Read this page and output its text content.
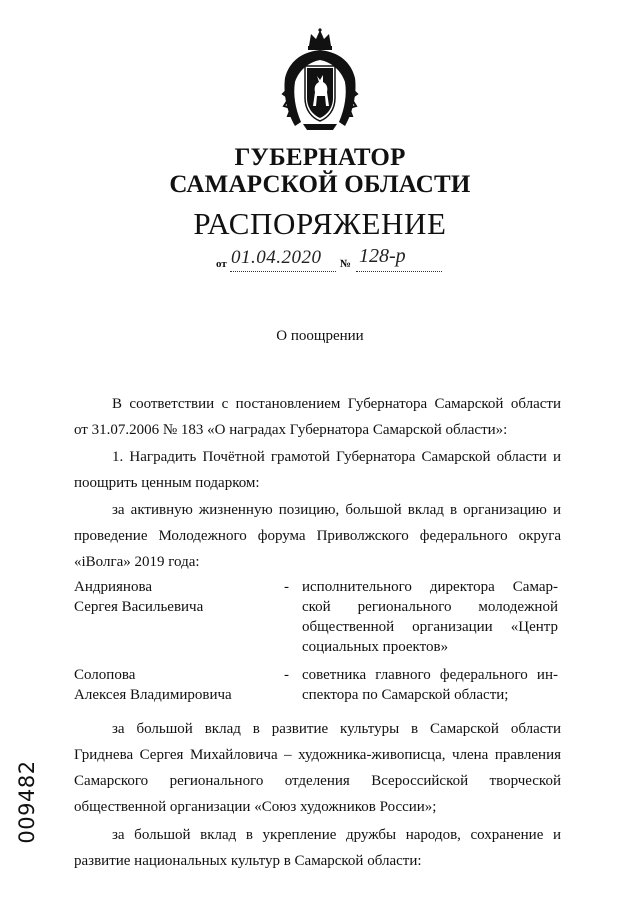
ГУБЕРНАТОР
САМАРСКОЙ ОБЛАСТИ
РАСПОРЯЖЕНИЕ
от 01.04.2020 № 128-р
О поощрении
В соответствии с постановлением Губернатора Самарской области
от 31.07.2006 № 183 «О наградах Губернатора Самарской области»:
1. Наградить Почётной грамотой Губернатора Самарской области и
поощрить ценным подарком:
за активную жизненную позицию, большой вклад в организацию и
проведение Молодежного форума Приволжского федерального округа
«iВолга» 2019 года:
Андриянова
Сергея Васильевича
- исполнительного директора Самар-
ской регионального молодежной
общественной организации «Центр
социальных проектов»
Солопова
Алексея Владимировича
- советника главного федерального ин-
спектора по Самарской области;
за большой вклад в развитие культуры в Самарской области
Гриднева Сергея Михайловича – художника-живописца, члена правления
Самарского регионального отделения Всероссийской творческой
общественной организации «Союз художников России»;
за большой вклад в укрепление дружбы народов, сохранение и
развитие национальных культур в Самарской области:
009482
